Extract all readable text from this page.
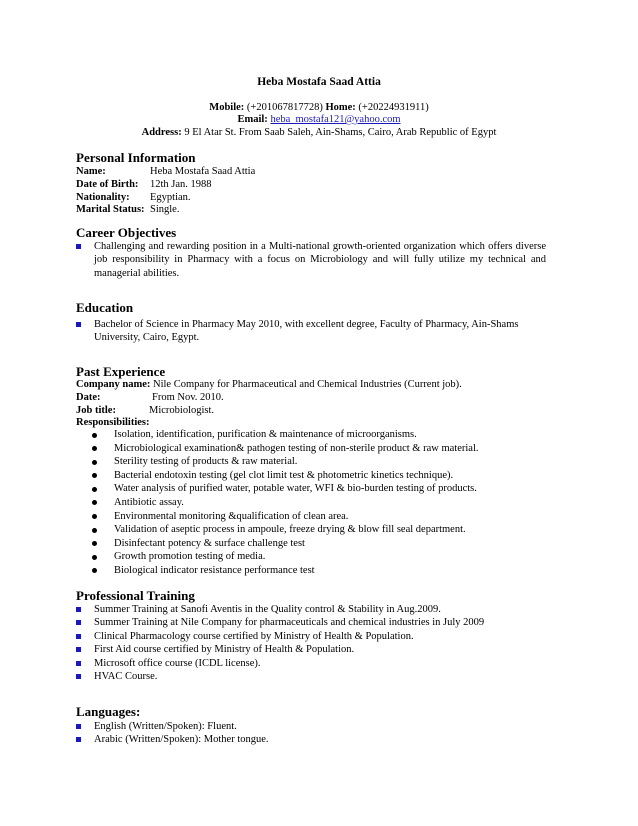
Heba Mostafa Saad Attia
Mobile: (+201067817728) Home: (+20224931911)
Email: heba_mostafa121@yahoo.com
Address: 9 El Atar St. From Saab Saleh, Ain-Shams, Cairo, Arab Republic of Egypt
Personal Information
Name:	Heba Mostafa Saad Attia
Date of Birth: 12th Jan. 1988
Nationality: Egyptian.
Marital Status: Single.
Career Objectives
Challenging and rewarding position in a Multi-national growth-oriented organization which offers diverse job responsibility in Pharmacy with a focus on Microbiology and will fully utilize my technical and managerial abilities.
Education
Bachelor of Science in Pharmacy May 2010, with excellent degree, Faculty of Pharmacy, Ain-Shams University, Cairo, Egypt.
Past Experience
Company name: Nile Company for Pharmaceutical and Chemical Industries (Current job).
Date:	From Nov. 2010.
Job title:	Microbiologist.
Responsibilities:
Isolation, identification, purification & maintenance of microorganisms.
Microbiological examination& pathogen testing of non-sterile product & raw material.
Sterility testing of products & raw material.
Bacterial endotoxin testing (gel clot limit test & photometric kinetics technique).
Water analysis of purified water, potable water, WFI & bio-burden testing of products.
Antibiotic assay.
Environmental monitoring &qualification of clean area.
Validation of aseptic process in ampoule, freeze drying & blow fill seal department.
Disinfectant potency & surface challenge test
Growth promotion testing of media.
Biological indicator resistance performance test
Professional Training
Summer Training at Sanofi Aventis in the Quality control & Stability in Aug.2009.
Summer Training at Nile Company for pharmaceuticals and chemical industries in July 2009
Clinical Pharmacology course certified by Ministry of Health & Population.
First Aid course certified by Ministry of Health & Population.
Microsoft office course (ICDL license).
HVAC Course.
Languages:
English (Written/Spoken): Fluent.
Arabic (Written/Spoken): Mother tongue.
